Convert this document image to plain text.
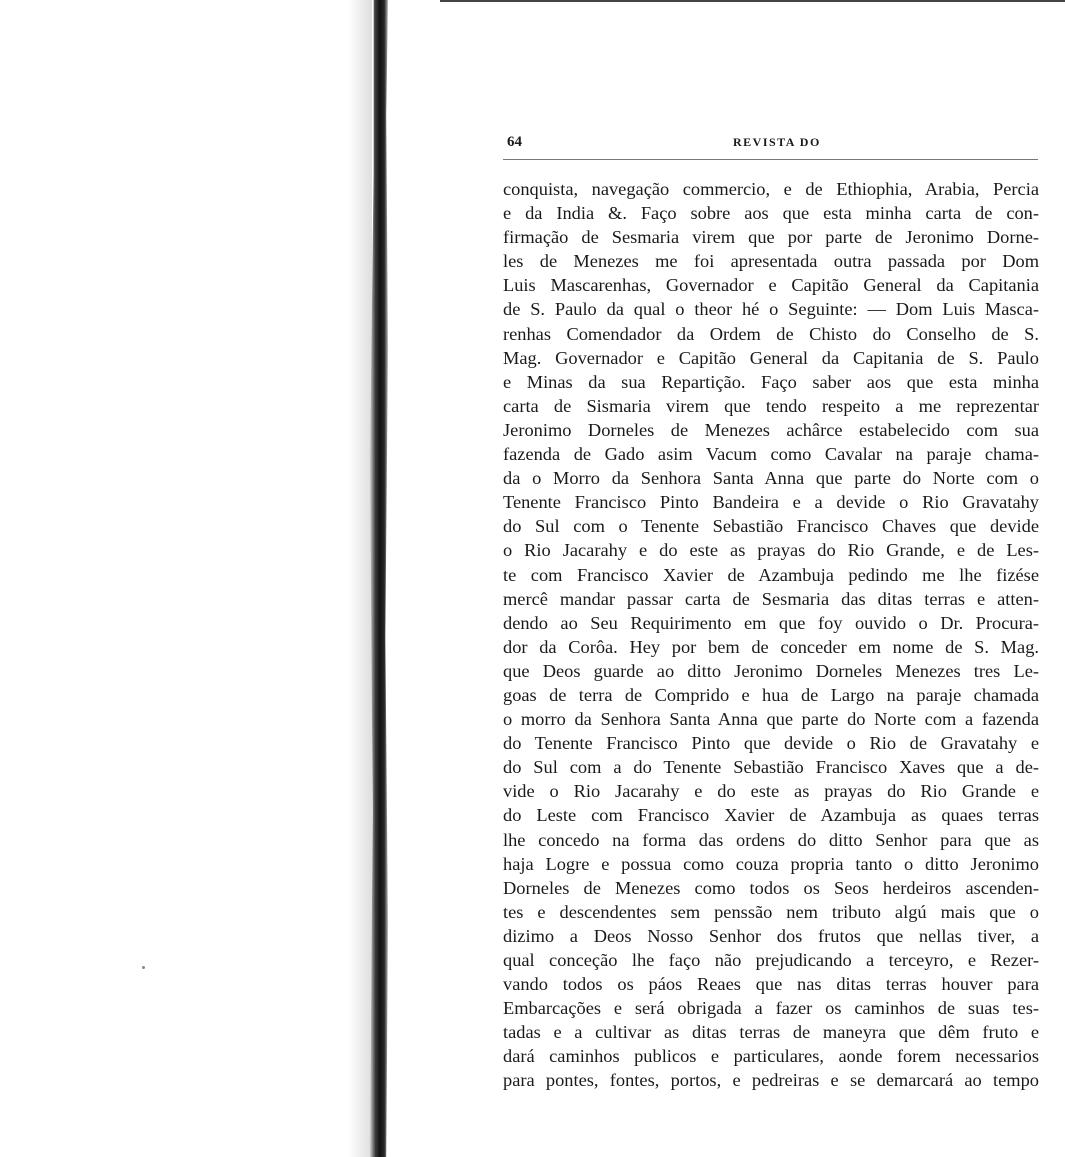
64	REVISTA DO
conquista, navegação commercio, e de Ethiophia, Arabia, Percia
e da India &. Faço sobre aos que esta minha carta de con-
firmação de Sesmaria virem que por parte de Jeronimo Dorne-
les de Menezes me foi apresentada outra passada por Dom
Luis Mascarenhas, Governador e Capitão General da Capitania
de S. Paulo da qual o theor hé o Seguinte: — Dom Luis Masca-
renhas Comendador da Ordem de Chisto do Conselho de S.
Mag. Governador e Capitão General da Capitania de S. Paulo
e Minas da sua Repartição. Faço saber aos que esta minha
carta de Sismaria virem que tendo respeito a me reprezentar
Jeronimo Dorneles de Menezes achârce estabelecido com sua
fazenda de Gado asim Vacum como Cavalar na paraje chama-
da o Morro da Senhora Santa Anna que parte do Norte com o
Tenente Francisco Pinto Bandeira e a devide o Rio Gravatahy
do Sul com o Tenente Sebastião Francisco Chaves que devide
o Rio Jacarahy e do este as prayas do Rio Grande, e de Les-
te com Francisco Xavier de Azambuja pedindo me lhe fizése
mercê mandar passar carta de Sesmaria das ditas terras e atten-
dendo ao Seu Requirimento em que foy ouvido o Dr. Procura-
dor da Corôa. Hey por bem de conceder em nome de S. Mag.
que Deos guarde ao ditto Jeronimo Dorneles Menezes tres Le-
goas de terra de Comprido e hua de Largo na paraje chamada
o morro da Senhora Santa Anna que parte do Norte com a fazenda
do Tenente Francisco Pinto que devide o Rio de Gravatahy e
do Sul com a do Tenente Sebastião Francisco Xaves que a de-
vide o Rio Jacarahy e do este as prayas do Rio Grande e
do Leste com Francisco Xavier de Azambuja as quaes terras
lhe concedo na forma das ordens do ditto Senhor para que as
haja Logre e possua como couza propria tanto o ditto Jeronimo
Dorneles de Menezes como todos os Seos herdeiros ascenden-
tes e descendentes sem penssão nem tributo algú mais que o
dizimo a Deos Nosso Senhor dos frutos que nellas tiver, a
qual conceção lhe faço não prejudicando a terceyro, e Rezer-
vando todos os páos Reaes que nas ditas terras houver para
Embarcações e será obrigada a fazer os caminhos de suas tes-
tadas e a cultivar as ditas terras de maneyra que dêm fruto e
dará caminhos publicos e particulares, aonde forem necessarios
para pontes, fontes, portos, e pedreiras e se demarcará ao tempo
